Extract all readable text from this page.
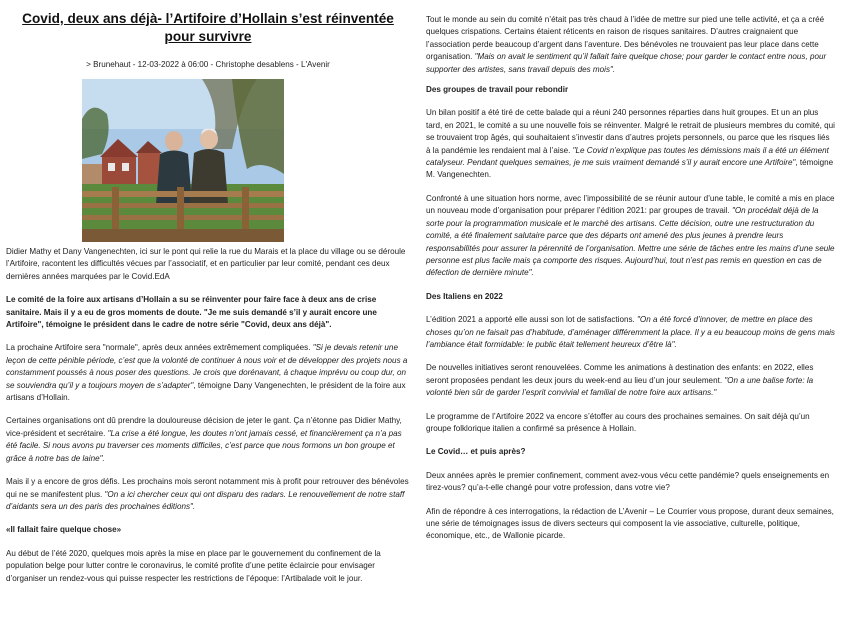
Covid, deux ans déjà- l’Artifoire d’Hollain s’est réinventée pour survivre
> Brunehaut - 12-03-2022 à 06:00 - Christophe desablens - L'Avenir

Didier Mathy et Dany Vangenechten, ici sur le pont qui relie la rue du Marais et la place du village ou se déroule l’Artifoire, racontent les difficultés vécues par l’associatif, et en particulier par leur comité, pendant ces deux dernières années marquées par le Covid.EdA

Le comité de la foire aux artisans d’Hollain a su se réinventer pour faire face à deux ans de crise sanitaire. Mais il y a eu de gros moments de doute. "Je me suis demandé s’il y aurait encore une Artifoire", témoigne le président dans le cadre de notre série "Covid, deux ans déjà".

La prochaine Artifoire sera "normale", après deux années extrêmement compliquées. "Si je devais retenir une leçon de cette pénible période, c’est que la volonté de continuer à nous voir et de développer des projets nous a constamment poussés à nous poser des questions. Je crois que dorénavant, à chaque imprévu ou coup dur, on se souviendra qu’il y a toujours moyen de s’adapter", témoigne Dany Vangenechten, le président de la foire aux artisans d’Hollain.

Certaines organisations ont dû prendre la douloureuse décision de jeter le gant. Ça n’étonne pas Didier Mathy, vice-président et secrétaire. "La crise a été longue, les doutes n’ont jamais cessé, et financièrement ça n’a pas été facile. Si nous avons pu traverser ces moments difficiles, c’est parce que nous formons un bon groupe et grâce à notre bas de laine".

Mais il y a encore de gros défis. Les prochains mois seront notamment mis à profit pour retrouver des bénévoles qui ne se manifestent plus. "On a ici chercher ceux qui ont disparu des radars. Le renouvellement de notre staff d’aidants sera un des paris des prochaines éditions".

«Il fallait faire quelque chose»

Au début de l’été 2020, quelques mois après la mise en place par le gouvernement du confinement de la population belge pour lutter contre le coronavirus, le comité profite d’une petite éclaircie pour envisager d’organiser un rendez-vous qui puisse respecter les restrictions de l’époque: l’Artibalade voit le jour.

Tout le monde au sein du comité n’était pas très chaud à l’idée de mettre sur pied une telle activité, et ça a créé quelques crispations. Certains étaient réticents en raison de risques sanitaires. D’autres craignaient que l’association perde beaucoup d’argent dans l’aventure. Des bénévoles ne trouvaient pas leur place dans cette organisation. "Mais on avait le sentiment qu’il fallait faire quelque chose; pour garder le contact entre nous, pour supporter des artistes, sans travail depuis des mois".

Des groupes de travail pour rebondir

Un bilan positif a été tiré de cette balade qui a réuni 240 personnes réparties dans huit groupes. Et un an plus tard, en 2021, le comité a su une nouvelle fois se réinventer. Malgré le retrait de plusieurs membres du comité, qui se trouvaient trop âgés, qui souhaitaient s’investir dans d’autres projets personnels, ou parce que les risques liés à la pandémie les rendaient mal à l’aise. "Le Covid n’explique pas toutes les démissions mais il a été un élément catalyseur. Pendant quelques semaines, je me suis vraiment demandé s’il y aurait encore une Artifoire", témoigne M. Vangenechten.

Confronté à une situation hors norme, avec l’impossibilité de se réunir autour d’une table, le comité a mis en place un nouveau mode d’organisation pour préparer l’édition 2021: par groupes de travail. "On procédait déjà de la sorte pour la programmation musicale et le marché des artisans. Cette décision, outre une restructuration du comité, a été finalement salutaire parce que des départs ont amené des plus jeunes à prendre leurs responsabilités pour assurer la pérennité de l’organisation. Mettre une série de tâches entre les mains d’une seule personne est plus facile mais ça comporte des risques. Aujourd’hui, tout n’est pas remis en question en cas de défection de dernière minute".

Des Italiens en 2022

L’édition 2021 a apporté elle aussi son lot de satisfactions. "On a été forcé d’innover, de mettre en place des choses qu’on ne faisait pas d’habitude, d’aménager différemment la place. Il y a eu beaucoup moins de gens mais l’ambiance était formidable: le public était tellement heureux d’être là".

De nouvelles initiatives seront renouvelées. Comme les animations à destination des enfants: en 2022, elles seront proposées pendant les deux jours du week-end au lieu d’un jour seulement. "On a une balise forte: la volonté bien sûr de garder l’esprit convivial et familial de notre foire aux artisans."

Le programme de l’Artifoire 2022 va encore s’étoffer au cours des prochaines semaines. On sait déjà qu’un groupe folklorique italien a confirmé sa présence à Hollain.

Le Covid… et puis après?

Deux années après le premier confinement, comment avez-vous vécu cette pandémie? quels enseignements en tirez-vous? qu’a-t-elle changé pour votre profession, dans votre vie?

Afin de répondre à ces interrogations, la rédaction de L’Avenir – Le Courrier vous propose, durant deux semaines, une série de témoignages issus de divers secteurs qui composent la vie associative, culturelle, politique, économique, etc., de Wallonie picarde.
